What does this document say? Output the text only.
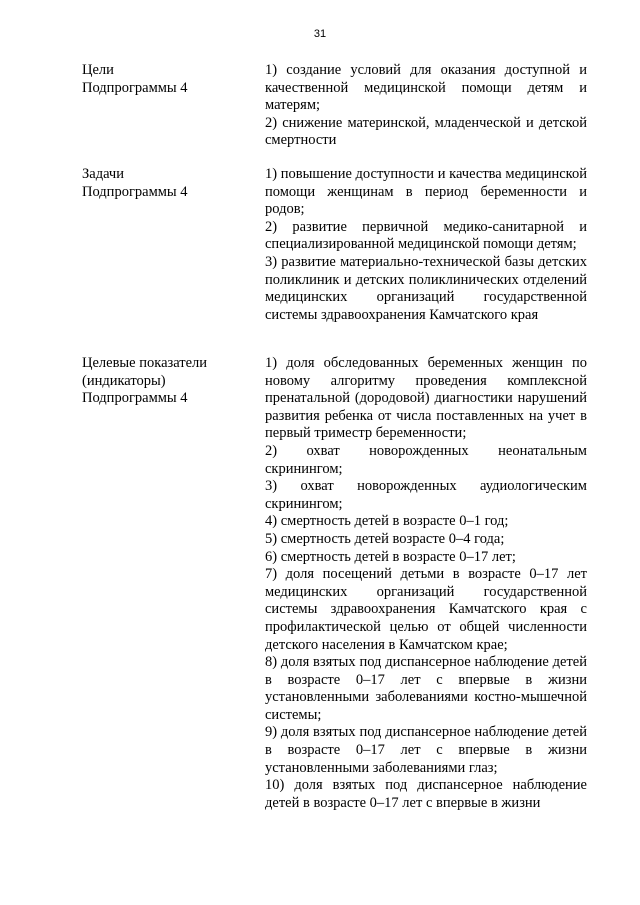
31
Цели
Подпрограммы 4
1) создание условий для оказания доступной и качественной медицинской помощи детям и матерям;
2) снижение материнской, младенческой и детской смертности
Задачи
Подпрограммы 4
1) повышение доступности и качества медицинской помощи женщинам в период беременности и родов;
2) развитие первичной медико-санитарной и специализированной медицинской помощи детям;
3) развитие материально-технической базы детских поликлиник и детских поликлинических отделений медицинских организаций государственной системы здравоохранения Камчатского края
Целевые показатели
(индикаторы)
Подпрограммы 4
1) доля обследованных беременных женщин по новому алгоритму проведения комплексной пренатальной (дородовой) диагностики нарушений развития ребенка от числа поставленных на учет в первый триместр беременности;
2) охват новорожденных неонатальным скринингом;
3) охват новорожденных аудиологическим скринингом;
4) смертность детей в возрасте 0–1 год;
5) смертность детей возрасте 0–4 года;
6) смертность детей в возрасте 0–17 лет;
7) доля посещений детьми в возрасте 0–17 лет медицинских организаций государственной системы здравоохранения Камчатского края с профилактической целью от общей численности детского населения в Камчатском крае;
8) доля взятых под диспансерное наблюдение детей в возрасте 0–17 лет с впервые в жизни установленными заболеваниями костно-мышечной системы;
9) доля взятых под диспансерное наблюдение детей в возрасте 0–17 лет с впервые в жизни установленными заболеваниями глаз;
10) доля взятых под диспансерное наблюдение детей в возрасте 0–17 лет с впервые в жизни
